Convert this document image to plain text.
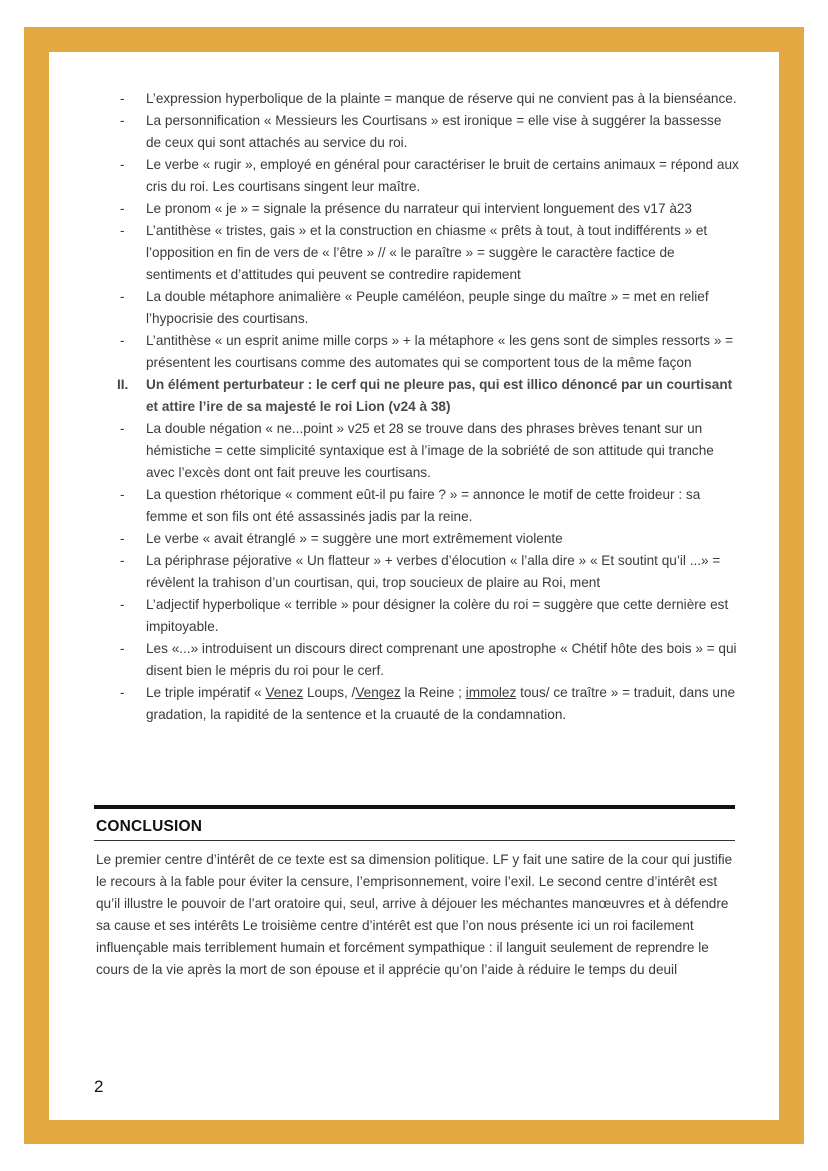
- L’expression hyperbolique de la plainte = manque de réserve qui ne convient pas à la bienséance.
- La personnification « Messieurs les Courtisans » est ironique = elle vise à suggérer la bassesse de ceux qui sont attachés au service du roi.
- Le verbe « rugir », employé en général pour caractériser le bruit de certains animaux = répond aux cris du roi. Les courtisans singent leur maître.
- Le pronom « je » = signale la présence du narrateur qui intervient longuement des v17 à23
- L’antithèse « tristes, gais » et la construction en chiasme « prêts à tout, à tout indifférents » et l’opposition en fin de vers de « l’être » // « le paraître » = suggère le caractère factice de sentiments et d’attitudes qui peuvent se contredire rapidement
- La double métaphore animalière « Peuple caméléon, peuple singe du maître » = met en relief l’hypocrisie des courtisans.
- L’antithèse « un esprit anime mille corps » + la métaphore « les gens sont de simples ressorts » = présentent les courtisans comme des automates qui se comportent tous de la même façon
II. Un élément perturbateur : le cerf qui ne pleure pas, qui est illico dénoncé par un courtisant et attire l’ire de sa majesté le roi Lion (v24 à 38)
- La double négation « ne...point » v25 et 28 se trouve dans des phrases brèves tenant sur un hémistiche = cette simplicité syntaxique est à l’image de la sobriété de son attitude qui tranche avec l’excès dont ont fait preuve les courtisans.
- La question rhétorique « comment eût-il pu faire ? » = annonce le motif de cette froideur : sa femme et son fils ont été assassinés jadis par la reine.
- Le verbe « avait étranglé » = suggère une mort extrêmement violente
- La périphrase péjorative « Un flatteur » + verbes d’élocution « l’alla dire » « Et soutint qu’il ...» = révèlent la trahison d’un courtisan, qui, trop soucieux de plaire au Roi, ment
- L’adjectif hyperbolique « terrible » pour désigner la colère du roi = suggère que cette dernière est impitoyable.
- Les «...» introduisent un discours direct comprenant une apostrophe « Chétif hôte des bois » = qui disent bien le mépris du roi pour le cerf.
- Le triple impératif « Venez Loups, /Vengez la Reine ; immolez tous/ ce traître » = traduit, dans une gradation, la rapidité de la sentence et la cruauté de la condamnation.
CONCLUSION
Le premier centre d’intérêt de ce texte est sa dimension politique. LF y fait une satire de la cour qui justifie le recours à la fable pour éviter la censure, l’emprisonnement, voire l’exil. Le second centre d’intérêt est qu’il illustre le pouvoir de l’art oratoire qui, seul, arrive à déjouer les méchantes manœuvres et à défendre sa cause et ses intérêts Le troisième centre d’intérêt est que l’on nous présente ici un roi facilement influençable mais terriblement humain et forcément sympathique : il languit seulement de reprendre le cours de la vie après la mort de son épouse et il apprécie qu’on l’aide à réduire le temps du deuil
2
